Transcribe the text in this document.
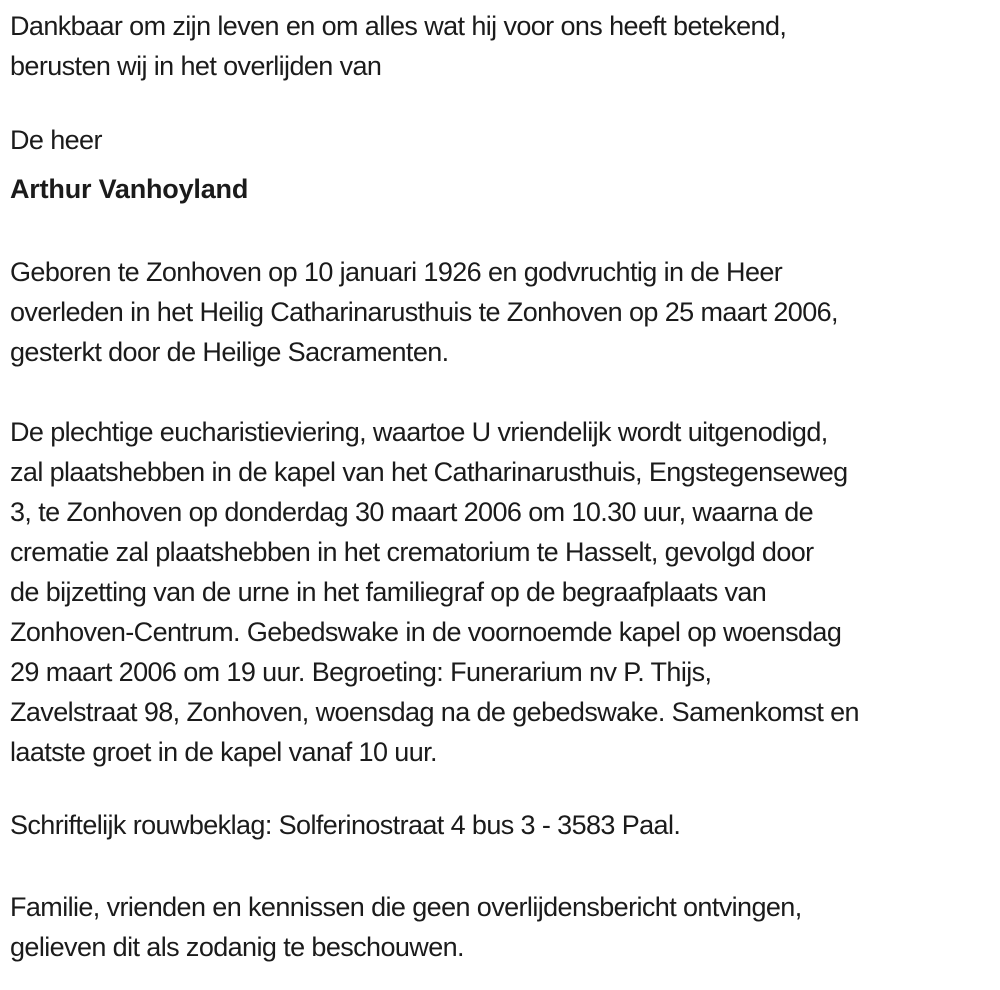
Dankbaar om zijn leven en om alles wat hij voor ons heeft betekend,
berusten wij in het overlijden van

De heer

Arthur Vanhoyland

Geboren te Zonhoven op 10 januari 1926 en godvruchtig in de Heer
overleden in het Heilig Catharinarusthuis te Zonhoven op 25 maart 2006,
gesterkt door de Heilige Sacramenten.

De plechtige eucharistieviering, waartoe U vriendelijk wordt uitgenodigd,
zal plaatshebben in de kapel van het Catharinarusthuis, Engstegenseweg
3, te Zonhoven op donderdag 30 maart 2006 om 10.30 uur, waarna de
crematie zal plaatshebben in het crematorium te Hasselt, gevolgd door
de bijzetting van de urne in het familiegraf op de begraafplaats van
Zonhoven-Centrum. Gebedswake in de voornoemde kapel op woensdag
29 maart 2006 om 19 uur. Begroeting: Funerarium nv P. Thijs,
Zavelstraat 98, Zonhoven, woensdag na de gebedswake. Samenkomst en
laatste groet in de kapel vanaf 10 uur.

Schriftelijk rouwbeklag: Solferinostraat 4 bus 3 - 3583 Paal.

Familie, vrienden en kennissen die geen overlijdensbericht ontvingen,
gelieven dit als zodanig te beschouwen.
